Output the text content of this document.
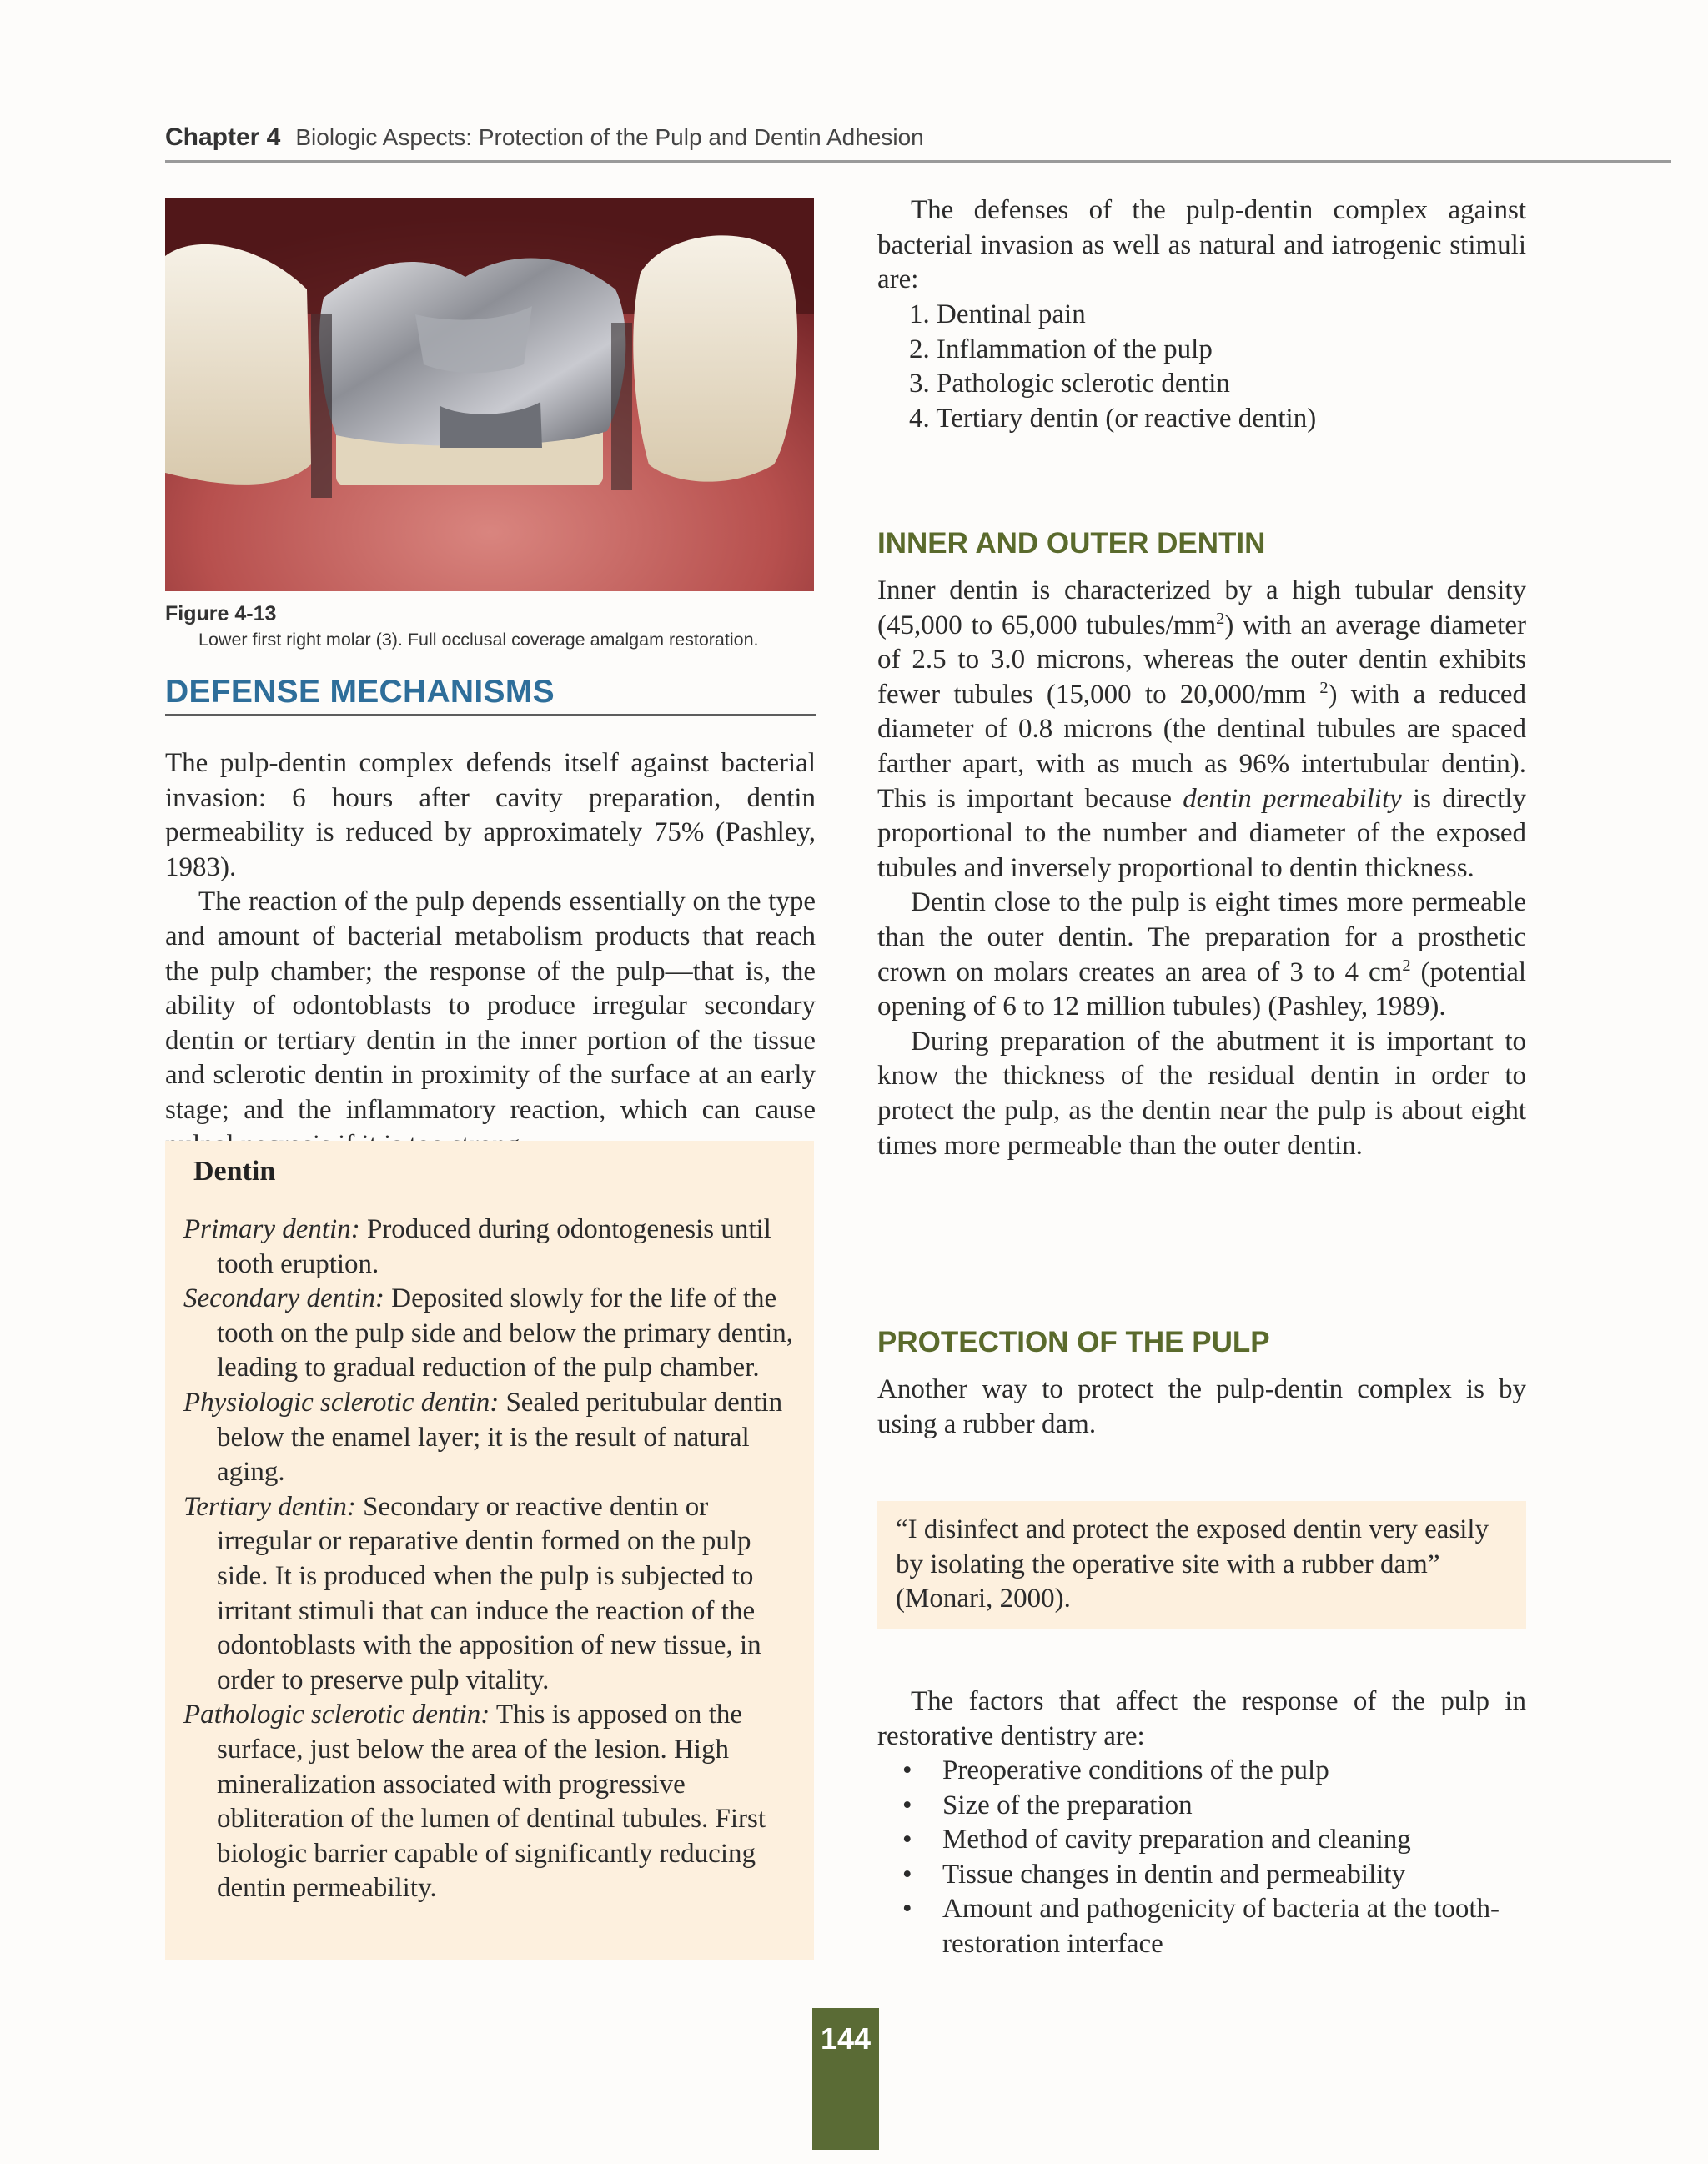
Chapter 4 Biologic Aspects: Protection of the Pulp and Dentin Adhesion
Figure 4-13
Lower first right molar (3). Full occlusal coverage amalgam restoration.
DEFENSE MECHANISMS

The pulp-dentin complex defends itself against bacterial invasion: 6 hours after cavity preparation, dentin permeability is reduced by approximately 75% (Pashley, 1983).

The reaction of the pulp depends essentially on the type and amount of bacterial metabolism products that reach the pulp chamber; the response of the pulp—that is, the ability of odontoblasts to produce irregular secondary dentin or tertiary dentin in the inner portion of the tissue and sclerotic dentin in proximity of the surface at an early stage; and the inflammatory reaction, which can cause

Dentin
Primary dentin: Produced during odontogenesis until tooth eruption.
Secondary dentin: Deposited slowly for the life of the tooth on the pulp side and below the primary dentin, leading to gradual reduction of the pulp chamber.
Physiologic sclerotic dentin: Sealed peritubular dentin below the enamel layer; it is the result of natural aging.
Tertiary dentin: Secondary or reactive dentin or irregular or reparative dentin formed on the pulp side. It is produced when the pulp is subjected to irritant stimuli that can induce the reaction of the odontoblasts with the apposition of new tissue, in order to preserve pulp vitality.
Pathologic sclerotic dentin: This is apposed on the surface, just below the area of the lesion. High mineralization associated with progressive obliteration of the lumen of dentinal tubules. First biologic barrier capable of significantly reducing dentin permeability.

The defenses of the pulp-dentin complex against bacterial invasion as well as natural and iatrogenic stimuli are:

1. Dentinal pain
2. Inflammation of the pulp
3. Pathologic sclerotic dentin
4. Tertiary dentin (or reactive dentin)
INNER AND OUTER DENTIN

Inner dentin is characterized by a high tubular density (45,000 to 65,000 tubules/$mm^2$) with an average diameter of 2.5 to 3.0 microns, whereas the outer dentin exhibits fewer tubules (15,000 to 20,000/mm $^2$) with a reduced diameter of 0.8 microns (the dentinal tubules are spaced farther apart, with as much as 96% intertubular dentin). This is important because dentin permeability is directly proportional to the number and diameter of the exposed tubules and inversely proportional to dentin thickness.

Dentin close to the pulp is eight times more permeable than the outer dentin. The preparation for a prosthetic crown on molars creates an area of 3 to 4 $cm^2$ (potential opening of 6 to 12 million tubules) (Pashley, 1989).

During preparation of the abutment it is important to know the thickness of the residual dentin in order to protect the pulp, as the dentin near the pulp is about eight times more permeable than the outer dentin.

PROTECTION OF THE PULP

Another way to protect the pulp-dentin complex is by using a rubber dam.

“I disinfect and protect the exposed dentin very easily by isolating the operative site with a rubber dam” (Monari, 2000).

The factors that affect the response of the pulp in restorative dentistry are:

• Preoperative conditions of the pulp
• Size of the preparation
• Method of cavity preparation and cleaning
• Tissue changes in dentin and permeability
• Amount and pathogenicity of bacteria at the tooth-restoration interface
144
